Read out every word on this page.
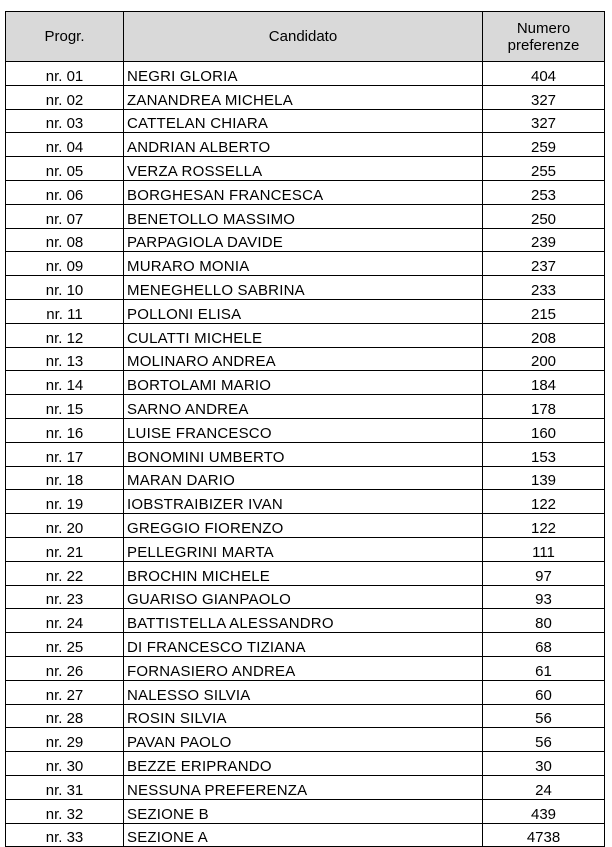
Progr.	Candidato	Numero
preferenze
nr. 01	NEGRI GLORIA	404
nr. 02	ZANANDREA MICHELA	327
nr. 03	CATTELAN CHIARA	327
nr. 04	ANDRIAN ALBERTO	259
nr. 05	VERZA ROSSELLA	255
nr. 06	BORGHESAN FRANCESCA	253
nr. 07	BENETOLLO MASSIMO	250
nr. 08	PARPAGIOLA DAVIDE	239
nr. 09	MURARO MONIA	237
nr. 10	MENEGHELLO SABRINA	233
nr. 11	POLLONI ELISA	215
nr. 12	CULATTI MICHELE	208
nr. 13	MOLINARO ANDREA	200
nr. 14	BORTOLAMI MARIO	184
nr. 15	SARNO ANDREA	178
nr. 16	LUISE FRANCESCO	160
nr. 17	BONOMINI UMBERTO	153
nr. 18	MARAN DARIO	139
nr. 19	IOBSTRAIBIZER IVAN	122
nr. 20	GREGGIO FIORENZO	122
nr. 21	PELLEGRINI MARTA	111
nr. 22	BROCHIN MICHELE	97
nr. 23	GUARISO GIANPAOLO	93
nr. 24	BATTISTELLA ALESSANDRO	80
nr. 25	DI FRANCESCO TIZIANA	68
nr. 26	FORNASIERO ANDREA	61
nr. 27	NALESSO SILVIA	60
nr. 28	ROSIN SILVIA	56
nr. 29	PAVAN PAOLO	56
nr. 30	BEZZE ERIPRANDO	30
nr. 31	NESSUNA PREFERENZA	24
nr. 32	SEZIONE B	439
nr. 33	SEZIONE A	4738
